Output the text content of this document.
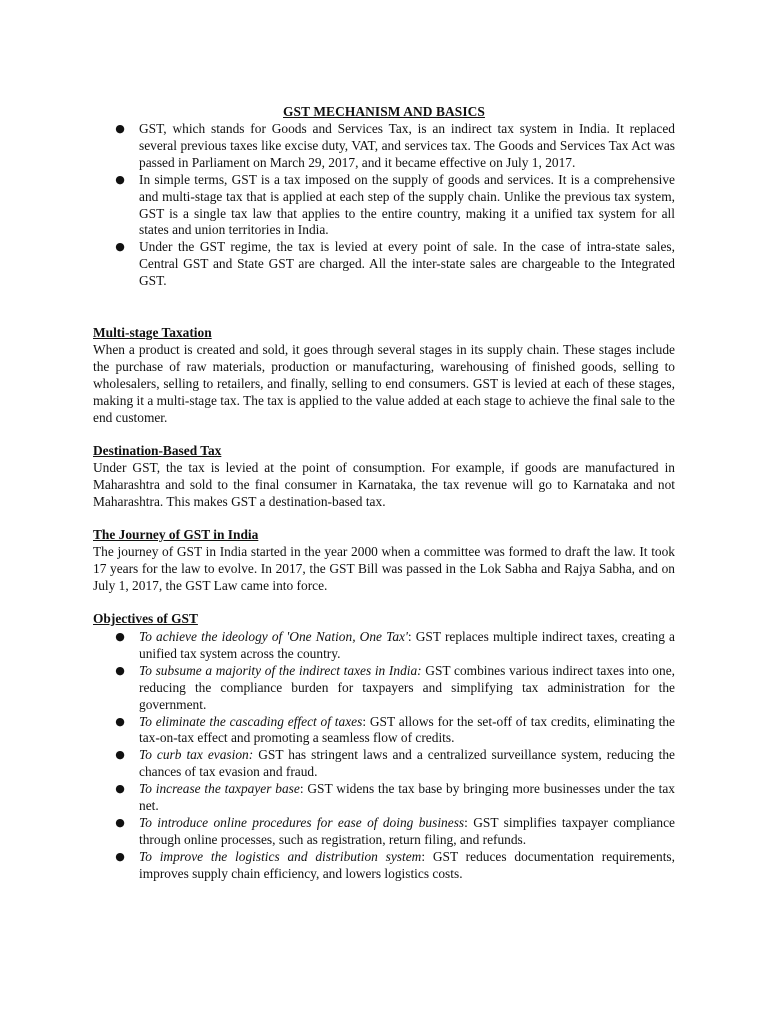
GST MECHANISM AND BASICS
● GST, which stands for Goods and Services Tax, is an indirect tax system in India. It replaced several previous taxes like excise duty, VAT, and services tax. The Goods and Services Tax Act was passed in Parliament on March 29, 2017, and it became effective on July 1, 2017.
● In simple terms, GST is a tax imposed on the supply of goods and services. It is a comprehensive and multi-stage tax that is applied at each step of the supply chain. Unlike the previous tax system, GST is a single tax law that applies to the entire country, making it a unified tax system for all states and union territories in India.
● Under the GST regime, the tax is levied at every point of sale. In the case of intra-state sales, Central GST and State GST are charged. All the inter-state sales are chargeable to the Integrated GST.
Multi-stage Taxation

When a product is created and sold, it goes through several stages in its supply chain. These stages include the purchase of raw materials, production or manufacturing, warehousing of finished goods, selling to wholesalers, selling to retailers, and finally, selling to end consumers. GST is levied at each of these stages, making it a multi-stage tax. The tax is applied to the value added at each stage to achieve the final sale to the end customer.

Destination-Based Tax

Under GST, the tax is levied at the point of consumption. For example, if goods are manufactured in Maharashtra and sold to the final consumer in Karnataka, the tax revenue will go to Karnataka and not Maharashtra. This makes GST a destination-based tax.

The Journey of GST in India

The journey of GST in India started in the year 2000 when a committee was formed to draft the law. It took 17 years for the law to evolve. In 2017, the GST Bill was passed in the Lok Sabha and Rajya Sabha, and on July 1, 2017, the GST Law came into force.

Objectives of GST
● To achieve the ideology of 'One Nation, One Tax': GST replaces multiple indirect taxes, creating a unified tax system across the country.
● To subsume a majority of the indirect taxes in India: GST combines various indirect taxes into one, reducing the compliance burden for taxpayers and simplifying tax administration for the government.
● To eliminate the cascading effect of taxes: GST allows for the set-off of tax credits, eliminating the tax-on-tax effect and promoting a seamless flow of credits.
● To curb tax evasion: GST has stringent laws and a centralized surveillance system, reducing the chances of tax evasion and fraud.
● To increase the taxpayer base: GST widens the tax base by bringing more businesses under the tax net.
● To introduce online procedures for ease of doing business: GST simplifies taxpayer compliance through online processes, such as registration, return filing, and refunds.
● To improve the logistics and distribution system: GST reduces documentation requirements, improves supply chain efficiency, and lowers logistics costs.
